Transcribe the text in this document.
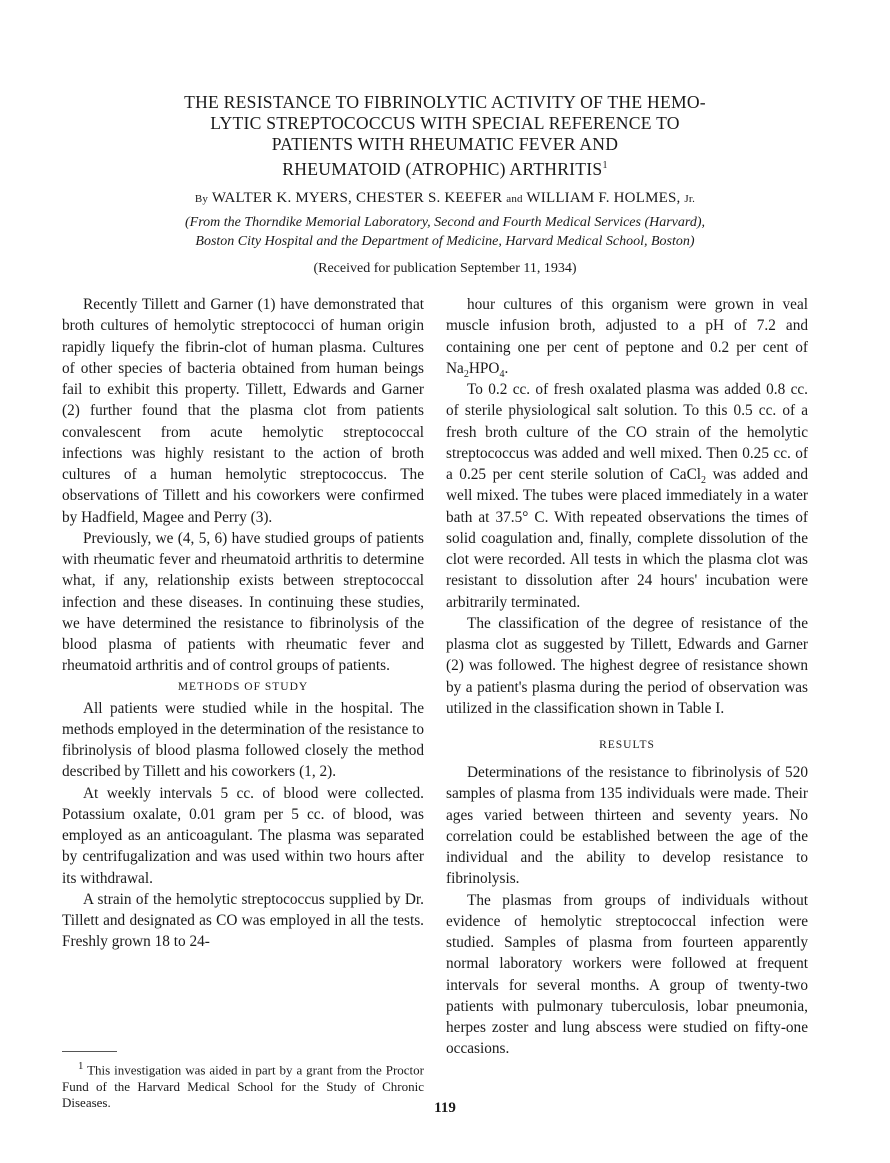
THE RESISTANCE TO FIBRINOLYTIC ACTIVITY OF THE HEMO-
LYTIC STREPTOCOCCUS WITH SPECIAL REFERENCE TO
PATIENTS WITH RHEUMATIC FEVER AND
RHEUMATOID (ATROPHIC) ARTHRITIS$^1$
By WALTER K. MYERS, CHESTER S. KEEFER and WILLIAM F. HOLMES, Jr.
(From the Thorndike Memorial Laboratory, Second and Fourth Medical Services (Harvard),
Boston City Hospital and the Department of Medicine, Harvard Medical School, Boston)
(Received for publication September 11, 1934)

Recently Tillett and Garner (1) have demonstrated that broth cultures of hemolytic streptococci of human origin rapidly liquefy the fibrin-clot of human plasma. Cultures of other species of bacteria obtained from human beings fail to exhibit this property. Tillett, Edwards and Garner (2) further found that the plasma clot from patients convalescent from acute hemolytic streptococcal infections was highly resistant to the action of broth cultures of a human hemolytic streptococcus. The observations of Tillett and his coworkers were confirmed by Hadfield, Magee and Perry (3).

Previously, we (4, 5, 6) have studied groups of patients with rheumatic fever and rheumatoid arthritis to determine what, if any, relationship exists between streptococcal infection and these diseases. In continuing these studies, we have determined the resistance to fibrinolysis of the blood plasma of patients with rheumatic fever and rheumatoid arthritis and of control groups of patients.

METHODS OF STUDY

All patients were studied while in the hospital. The methods employed in the determination of the resistance to fibrinolysis of blood plasma followed closely the method described by Tillett and his coworkers (1, 2).

At weekly intervals 5 cc. of blood were collected. Potassium oxalate, 0.01 gram per 5 cc. of blood, was employed as an anticoagulant. The plasma was separated by centrifugalization and was used within two hours after its withdrawal.

A strain of the hemolytic streptococcus supplied by Dr. Tillett and designated as CO was employed in all the tests. Freshly grown 18 to 24-

hour cultures of this organism were grown in veal muscle infusion broth, adjusted to a pH of 7.2 and containing one per cent of peptone and 0.2 per cent of $Na_2HPO_4$.

To 0.2 cc. of fresh oxalated plasma was added 0.8 cc. of sterile physiological salt solution. To this 0.5 cc. of a fresh broth culture of the CO strain of the hemolytic streptococcus was added and well mixed. Then 0.25 cc. of a 0.25 per cent sterile solution of CaCl$_2$ was added and well mixed. The tubes were placed immediately in a water bath at 37.5° C. With repeated observations the times of solid coagulation and, finally, complete dissolution of the clot were recorded. All tests in which the plasma clot was resistant to dissolution after 24 hours' incubation were arbitrarily terminated.

The classification of the degree of resistance of the plasma clot as suggested by Tillett, Edwards and Garner (2) was followed. The highest degree of resistance shown by a patient's plasma during the period of observation was utilized in the classification shown in Table I.

RESULTS

Determinations of the resistance to fibrinolysis of 520 samples of plasma from 135 individuals were made. Their ages varied between thirteen and seventy years. No correlation could be established between the age of the individual and the ability to develop resistance to fibrinolysis.

The plasmas from groups of individuals without evidence of hemolytic streptococcal infection were studied. Samples of plasma from fourteen apparently normal laboratory workers were followed at frequent intervals for several months. A group of twenty-two patients with pulmonary tuberculosis, lobar pneumonia, herpes zoster and lung abscess were studied on fifty-one occasions.

$^1$ This investigation was aided in part by a grant from the Proctor Fund of the Harvard Medical School for the Study of Chronic Diseases.	119
